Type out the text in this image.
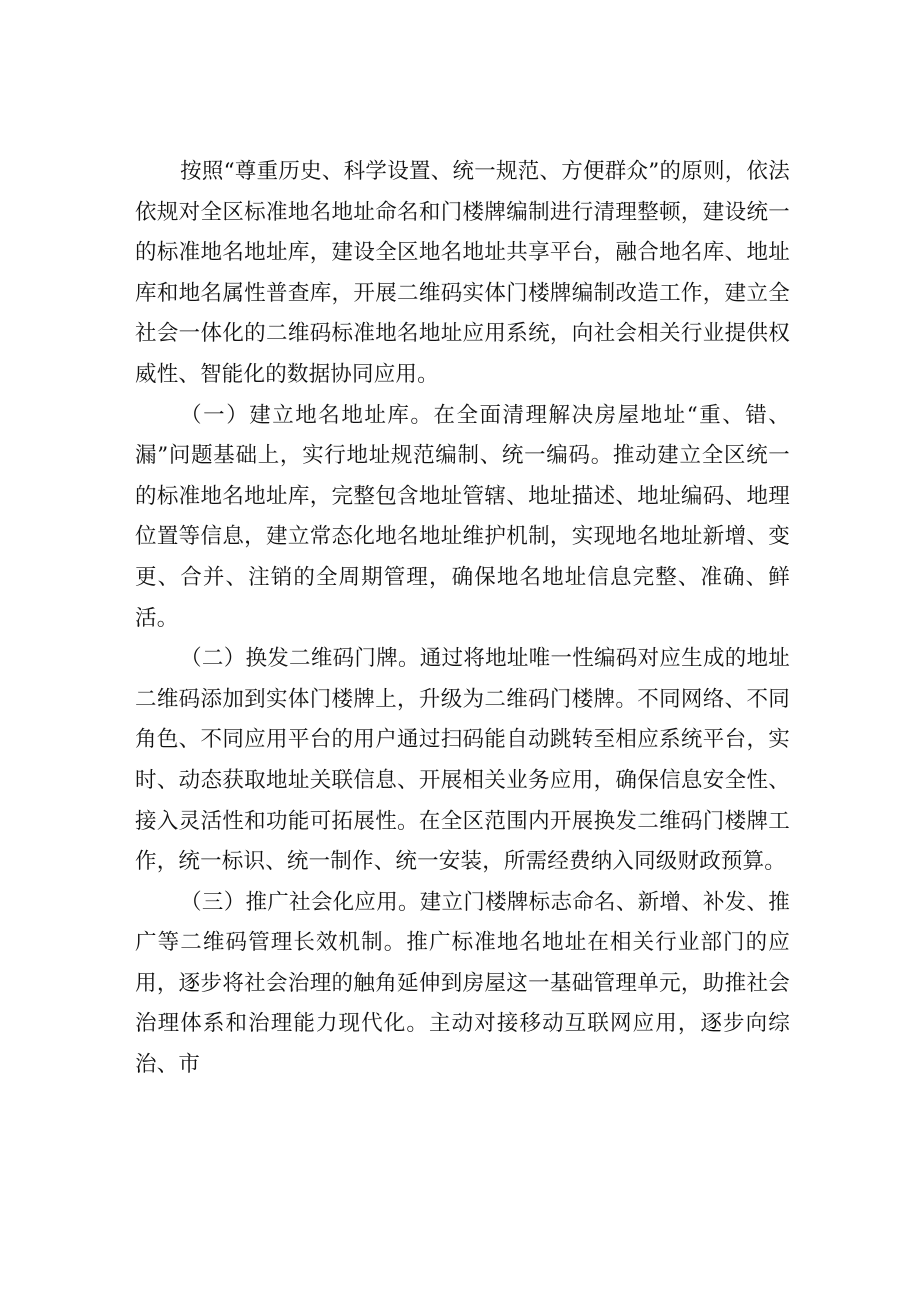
按照“尊重历史、科学设置、统一规范、方便群众”的原则，依法依规对全区标准地名地址命名和门楼牌编制进行清理整顿，建设统一的标准地名地址库，建设全区地名地址共享平台，融合地名库、地址库和地名属性普查库，开展二维码实体门楼牌编制改造工作，建立全社会一体化的二维码标准地名地址应用系统，向社会相关行业提供权威性、智能化的数据协同应用。

（一）建立地名地址库。在全面清理解决房屋地址“重、错、漏”问题基础上，实行地址规范编制、统一编码。推动建立全区统一的标准地名地址库，完整包含地址管辖、地址描述、地址编码、地理位置等信息，建立常态化地名地址维护机制，实现地名地址新增、变更、合并、注销的全周期管理，确保地名地址信息完整、准确、鲜活。

（二）换发二维码门牌。通过将地址唯一性编码对应生成的地址二维码添加到实体门楼牌上，升级为二维码门楼牌。不同网络、不同角色、不同应用平台的用户通过扫码能自动跳转至相应系统平台，实时、动态获取地址关联信息、开展相关业务应用，确保信息安全性、接入灵活性和功能可拓展性。在全区范围内开展换发二维码门楼牌工作，统一标识、统一制作、统一安装，所需经费纳入同级财政预算。

（三）推广社会化应用。建立门楼牌标志命名、新增、补发、推广等二维码管理长效机制。推广标准地名地址在相关行业部门的应用，逐步将社会治理的触角延伸到房屋这一基础管理单元，助推社会治理体系和治理能力现代化。主动对接移动互联网应用，逐步向综治、市
